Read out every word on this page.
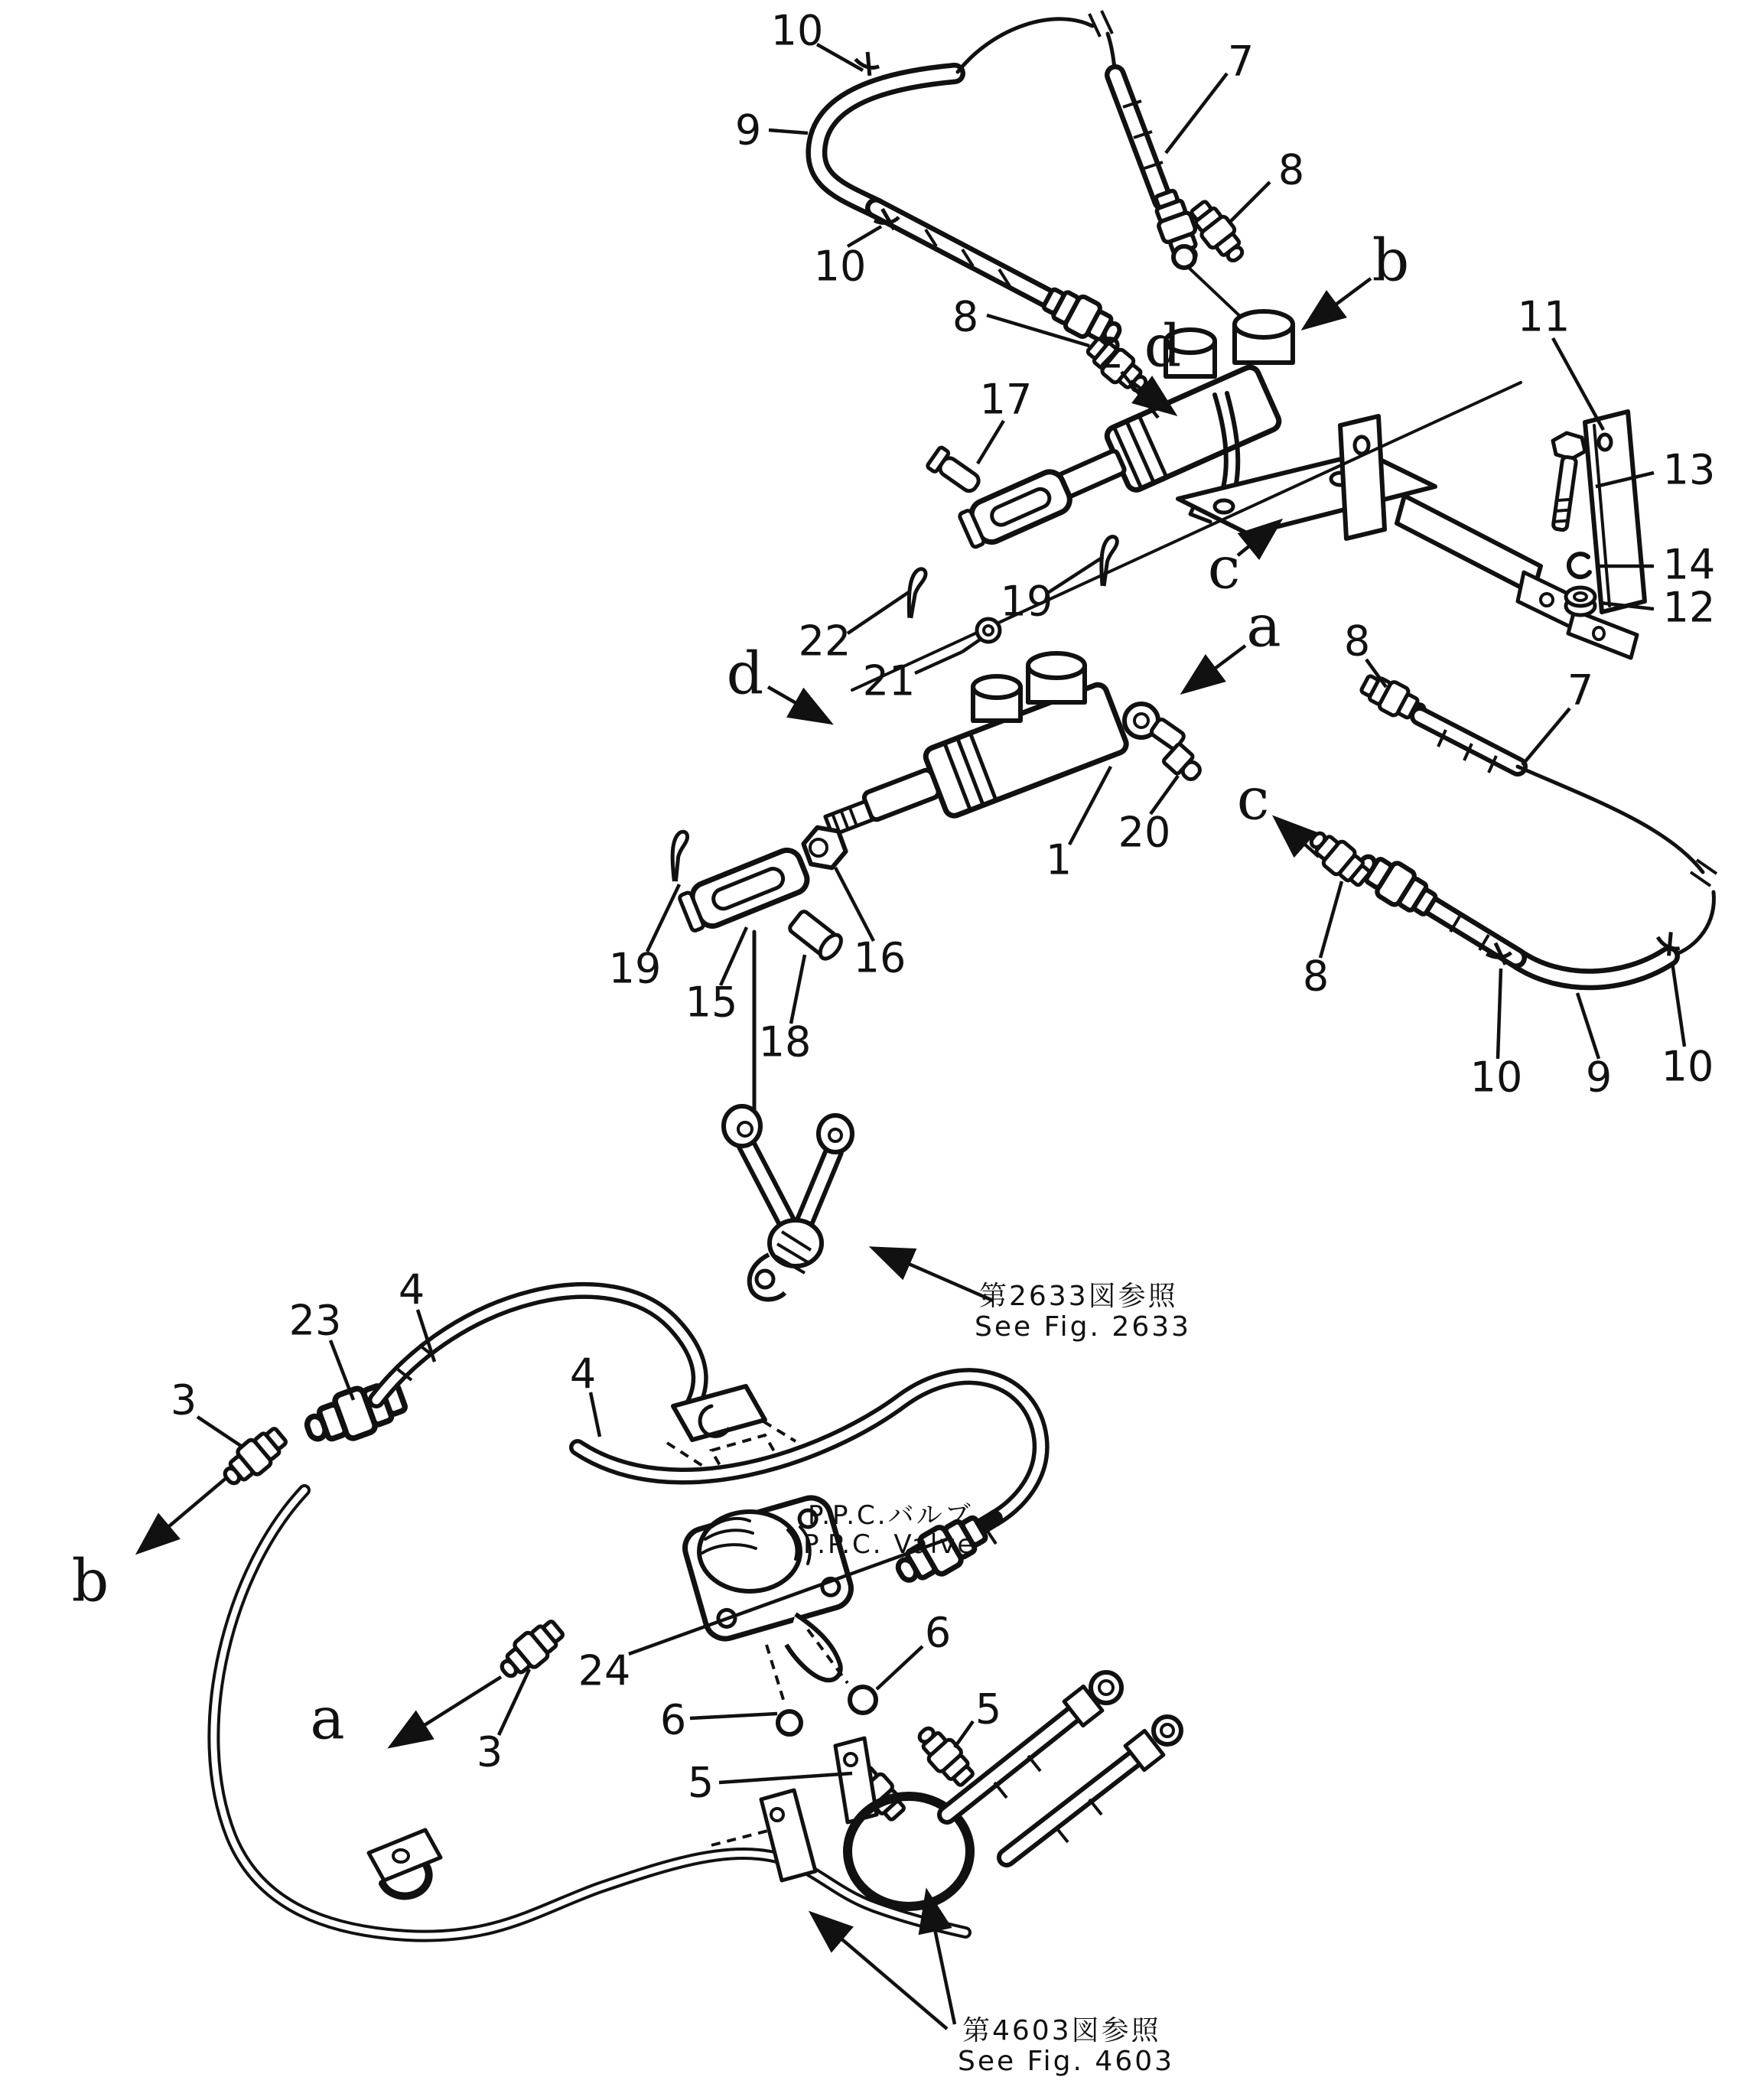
P.P.C.バルブ
P.P.C. Valve
第2633図参照
See Fig. 2633
第4603図参照
See Fig. 4603
10
9
10
7
8
8
b
d
2
11
17
13
14
12
c
22
19
21
a
d	8
7
20
1
c
16
19
15
18
8
10 9 10
23
4
4
3
b
a	3
24
6
5
6
5
